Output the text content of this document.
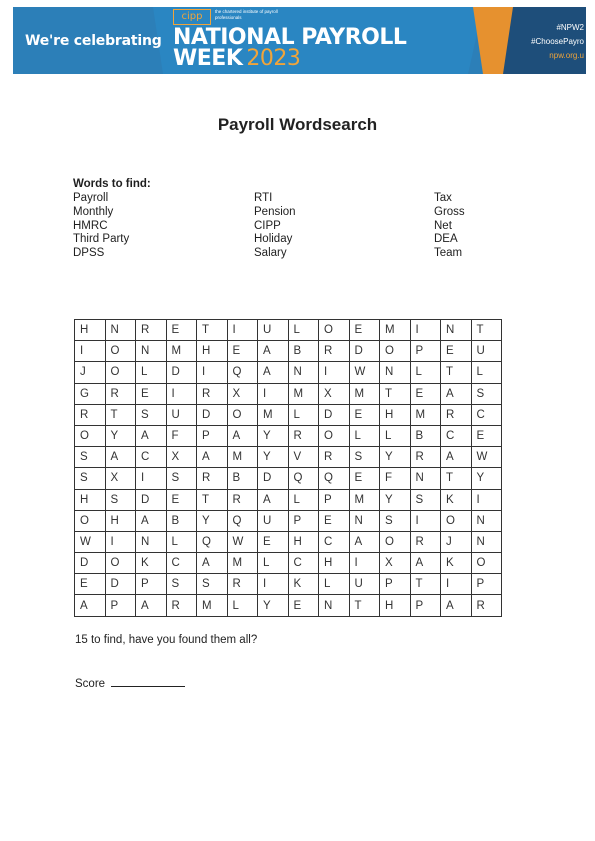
We're celebrating
cipp	the chartered institute of payroll professionals
NATIONAL PAYROLL
WEEK 2023
#NPW2
#ChoosePayro
npw.org.u
Payroll Wordsearch
Words to find:
Payroll
Monthly
HMRC
Third Party
DPSS
RTI
Pension
CIPP
Holiday
Salary
Tax
Gross
Net
DEA
Team
H	N	R	E	T	I	U	L	O	E	M	I	N	T
I	O	N	M	H	E	A	B	R	D	O	P	E	U
J	O	L	D	I	Q	A	N	I	W	N	L	T	L
G	R	E	I	R	X	I	M	X	M	T	E	A	S
R	T	S	U	D	O	M	L	D	E	H	M	R	C
O	Y	A	F	P	A	Y	R	O	L	L	B	C	E
S	A	C	X	A	M	Y	V	R	S	Y	R	A	W
S	X	I	S	R	B	D	Q	Q	E	F	N	T	Y
H	S	D	E	T	R	A	L	P	M	Y	S	K	I
O	H	A	B	Y	Q	U	P	E	N	S	I	O	N
W	I	N	L	Q	W	E	H	C	A	O	R	J	N
D	O	K	C	A	M	L	C	H	I	X	A	K	O
E	D	P	S	S	R	I	K	L	U	P	T	I	P
A	P	A	R	M	L	Y	E	N	T	H	P	A	R
15 to find, have you found them all?
Score
